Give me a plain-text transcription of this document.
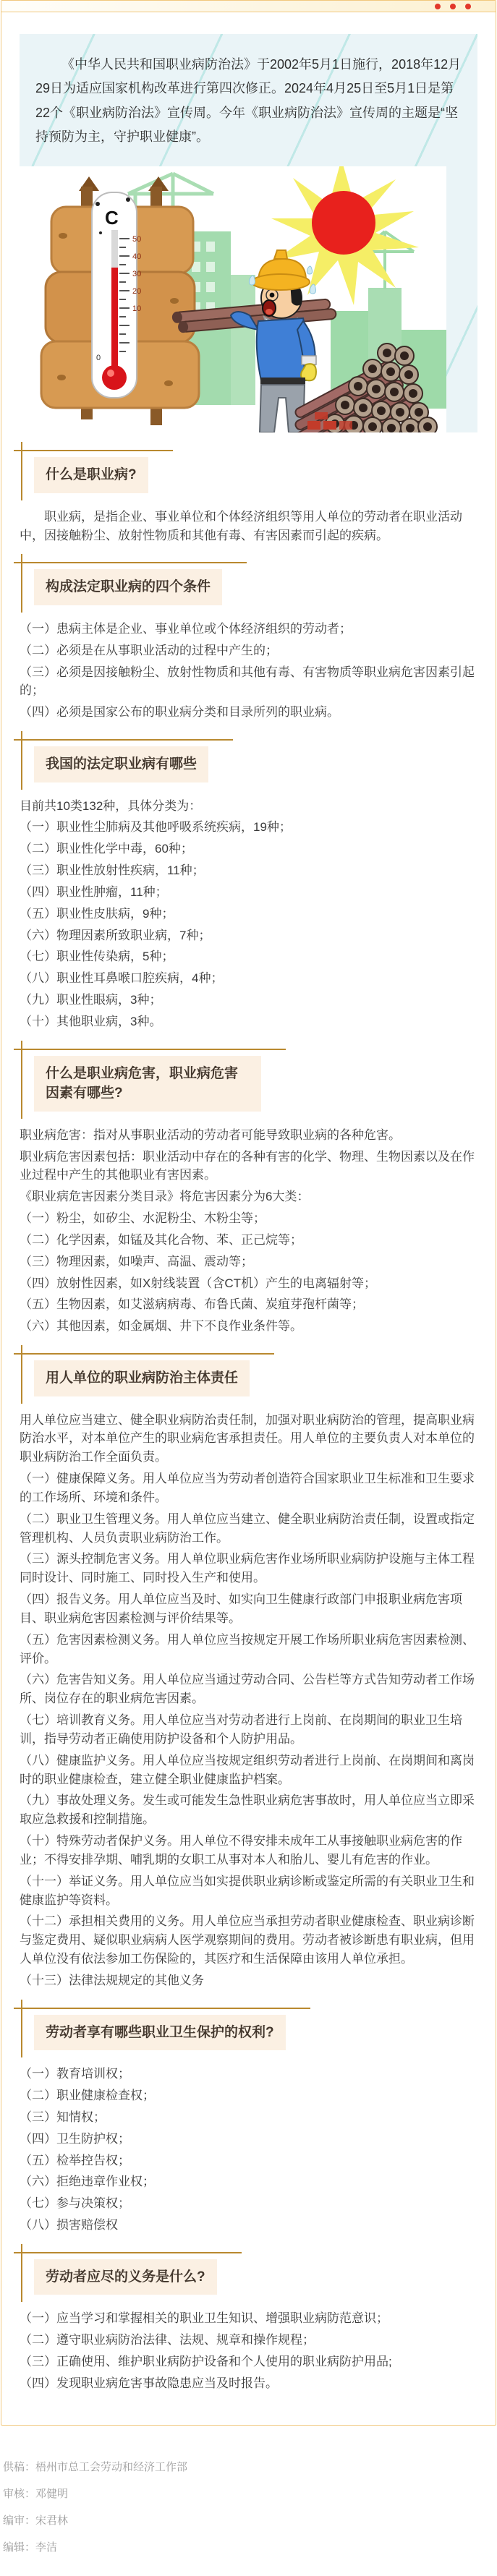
《中华人民共和国职业病防治法》于2002年5月1日施行，2018年12月29日为适应国家机构改革进行第四次修正。2024年4月25日至5月1日是第22个《职业病防治法》宣传周。今年《职业病防治法》宣传周的主题是“坚持预防为主，守护职业健康”。

C
50
40
30
20
10
0
什么是职业病?

职业病，是指企业、事业单位和个体经济组织等用人单位的劳动者在职业活动中，因接触粉尘、放射性物质和其他有毒、有害因素而引起的疾病。

构成法定职业病的四个条件

（一）患病主体是企业、事业单位或个体经济组织的劳动者；

（二）必须是在从事职业活动的过程中产生的；

（三）必须是因接触粉尘、放射性物质和其他有毒、有害物质等职业病危害因素引起的；

（四）必须是国家公布的职业病分类和目录所列的职业病。

我国的法定职业病有哪些

目前共10类132种，具体分类为：

（一）职业性尘肺病及其他呼吸系统疾病，19种；

（二）职业性化学中毒，60种；

（三）职业性放射性疾病，11种；

（四）职业性肿瘤，11种；

（五）职业性皮肤病，9种；

（六）物理因素所致职业病，7种；

（七）职业性传染病，5种；

（八）职业性耳鼻喉口腔疾病，4种；

（九）职业性眼病，3种；

（十）其他职业病，3种。

什么是职业病危害，职业病危害因素有哪些?

职业病危害：指对从事职业活动的劳动者可能导致职业病的各种危害。

职业病危害因素包括：职业活动中存在的各种有害的化学、物理、生物因素以及在作业过程中产生的其他职业有害因素。

《职业病危害因素分类目录》将危害因素分为6大类：

（一）粉尘，如矽尘、水泥粉尘、木粉尘等；

（二）化学因素，如锰及其化合物、苯、正己烷等；

（三）物理因素，如噪声、高温、震动等；

（四）放射性因素，如X射线装置（含CT机）产生的电离辐射等；

（五）生物因素，如艾滋病病毒、布鲁氏菌、炭疽芽孢杆菌等；

（六）其他因素，如金属烟、井下不良作业条件等。

用人单位的职业病防治主体责任

用人单位应当建立、健全职业病防治责任制，加强对职业病防治的管理，提高职业病防治水平，对本单位产生的职业病危害承担责任。用人单位的主要负责人对本单位的职业病防治工作全面负责。

（一）健康保障义务。用人单位应当为劳动者创造符合国家职业卫生标准和卫生要求的工作场所、环境和条件。

（二）职业卫生管理义务。用人单位应当建立、健全职业病防治责任制，设置或指定管理机构、人员负责职业病防治工作。

（三）源头控制危害义务。用人单位职业病危害作业场所职业病防护设施与主体工程同时设计、同时施工、同时投入生产和使用。

（四）报告义务。用人单位应当及时、如实向卫生健康行政部门申报职业病危害项目、职业病危害因素检测与评价结果等。

（五）危害因素检测义务。用人单位应当按规定开展工作场所职业病危害因素检测、评价。

（六）危害告知义务。用人单位应当通过劳动合同、公告栏等方式告知劳动者工作场所、岗位存在的职业病危害因素。

（七）培训教育义务。用人单位应当对劳动者进行上岗前、在岗期间的职业卫生培训，指导劳动者正确使用防护设备和个人防护用品。

（八）健康监护义务。用人单位应当按规定组织劳动者进行上岗前、在岗期间和离岗时的职业健康检查，建立健全职业健康监护档案。

（九）事故处理义务。发生或可能发生急性职业病危害事故时，用人单位应当立即采取应急救援和控制措施。

（十）特殊劳动者保护义务。用人单位不得安排未成年工从事接触职业病危害的作业；不得安排孕期、哺乳期的女职工从事对本人和胎儿、婴儿有危害的作业。

（十一）举证义务。用人单位应当如实提供职业病诊断或鉴定所需的有关职业卫生和健康监护等资料。

（十二）承担相关费用的义务。用人单位应当承担劳动者职业健康检查、职业病诊断与鉴定费用、疑似职业病病人医学观察期间的费用。劳动者被诊断患有职业病，但用人单位没有依法参加工伤保险的，其医疗和生活保障由该用人单位承担。

（十三）法律法规规定的其他义务

劳动者享有哪些职业卫生保护的权利?

（一）教育培训权；

（二）职业健康检查权；

（三）知情权；

（四）卫生防护权；

（五）检举控告权；

（六）拒绝违章作业权；

（七）参与决策权；

（八）损害赔偿权

劳动者应尽的义务是什么?

（一）应当学习和掌握相关的职业卫生知识、增强职业病防范意识；

（二）遵守职业病防治法律、法规、规章和操作规程；

（三）正确使用、维护职业病防护设备和个人使用的职业病防护用品;

（四）发现职业病危害事故隐患应当及时报告。

供稿：梧州市总工会劳动和经济工作部

审核：邓健明

编审：宋君林

编辑：李洁
